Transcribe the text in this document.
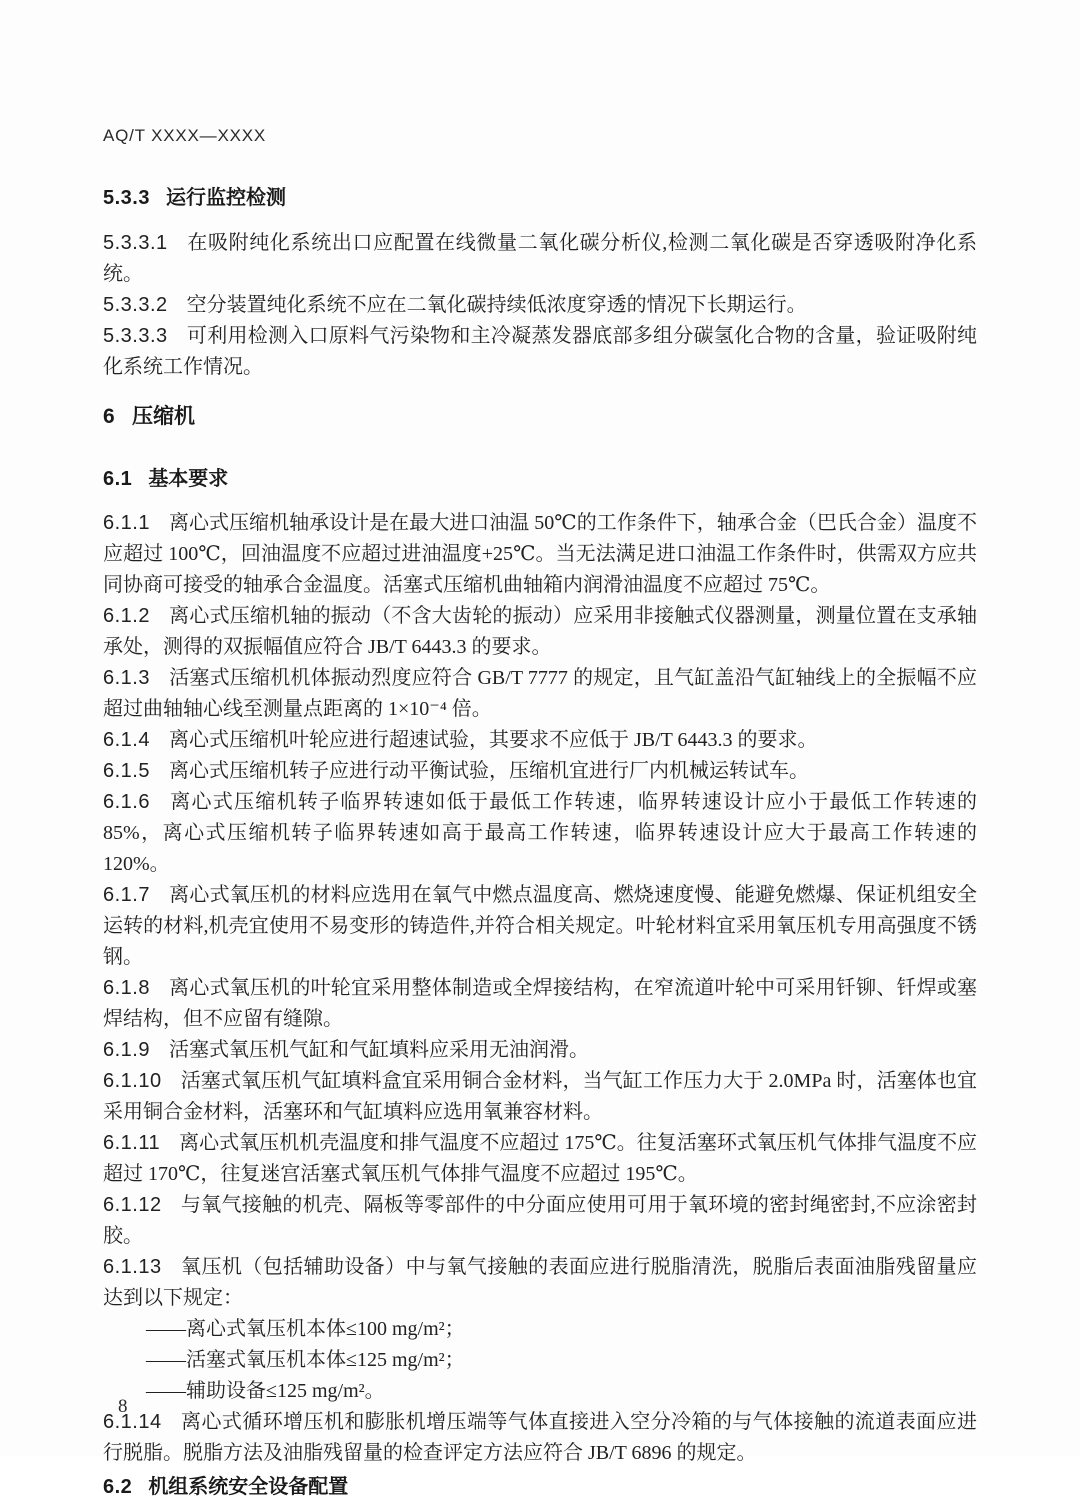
AQ/T XXXX—XXXX
5.3.3 运行监控检测

5.3.3.1 在吸附纯化系统出口应配置在线微量二氧化碳分析仪,检测二氧化碳是否穿透吸附净化系统。

5.3.3.2 空分装置纯化系统不应在二氧化碳持续低浓度穿透的情况下长期运行。

5.3.3.3 可利用检测入口原料气污染物和主冷凝蒸发器底部多组分碳氢化合物的含量，验证吸附纯化系统工作情况。

6 压缩机
6.1 基本要求

6.1.1 离心式压缩机轴承设计是在最大进口油温 50℃的工作条件下，轴承合金（巴氏合金）温度不应超过 100℃，回油温度不应超过进油温度+25℃。当无法满足进口油温工作条件时，供需双方应共同协商可接受的轴承合金温度。活塞式压缩机曲轴箱内润滑油温度不应超过 75℃。

6.1.2 离心式压缩机轴的振动（不含大齿轮的振动）应采用非接触式仪器测量，测量位置在支承轴承处，测得的双振幅值应符合 JB/T 6443.3 的要求。

6.1.3 活塞式压缩机机体振动烈度应符合 GB/T 7777 的规定，且气缸盖沿气缸轴线上的全振幅不应超过曲轴轴心线至测量点距离的 1×10⁻⁴ 倍。

6.1.4 离心式压缩机叶轮应进行超速试验，其要求不应低于 JB/T 6443.3 的要求。

6.1.5 离心式压缩机转子应进行动平衡试验，压缩机宜进行厂内机械运转试车。

6.1.6 离心式压缩机转子临界转速如低于最低工作转速，临界转速设计应小于最低工作转速的 85%，离心式压缩机转子临界转速如高于最高工作转速，临界转速设计应大于最高工作转速的 120%。

6.1.7 离心式氧压机的材料应选用在氧气中燃点温度高、燃烧速度慢、能避免燃爆、保证机组安全运转的材料,机壳宜使用不易变形的铸造件,并符合相关规定。叶轮材料宜采用氧压机专用高强度不锈钢。

6.1.8 离心式氧压机的叶轮宜采用整体制造或全焊接结构，在窄流道叶轮中可采用钎铆、钎焊或塞焊结构，但不应留有缝隙。

6.1.9 活塞式氧压机气缸和气缸填料应采用无油润滑。

6.1.10 活塞式氧压机气缸填料盒宜采用铜合金材料，当气缸工作压力大于 2.0MPa 时，活塞体也宜采用铜合金材料，活塞环和气缸填料应选用氧兼容材料。

6.1.11 离心式氧压机机壳温度和排气温度不应超过 175℃。往复活塞环式氧压机气体排气温度不应超过 170℃，往复迷宫活塞式氧压机气体排气温度不应超过 195℃。

6.1.12 与氧气接触的机壳、隔板等零部件的中分面应使用可用于氧环境的密封绳密封,不应涂密封胶。

6.1.13 氧压机（包括辅助设备）中与氧气接触的表面应进行脱脂清洗，脱脂后表面油脂残留量应达到以下规定：

——离心式氧压机本体≤100 mg/m²；

——活塞式氧压机本体≤125 mg/m²；

——辅助设备≤125 mg/m²。

6.1.14 离心式循环增压机和膨胀机增压端等气体直接进入空分冷箱的与气体接触的流道表面应进行脱脂。脱脂方法及油脂残留量的检查评定方法应符合 JB/T 6896 的规定。

6.2 机组系统安全设备配置
8
